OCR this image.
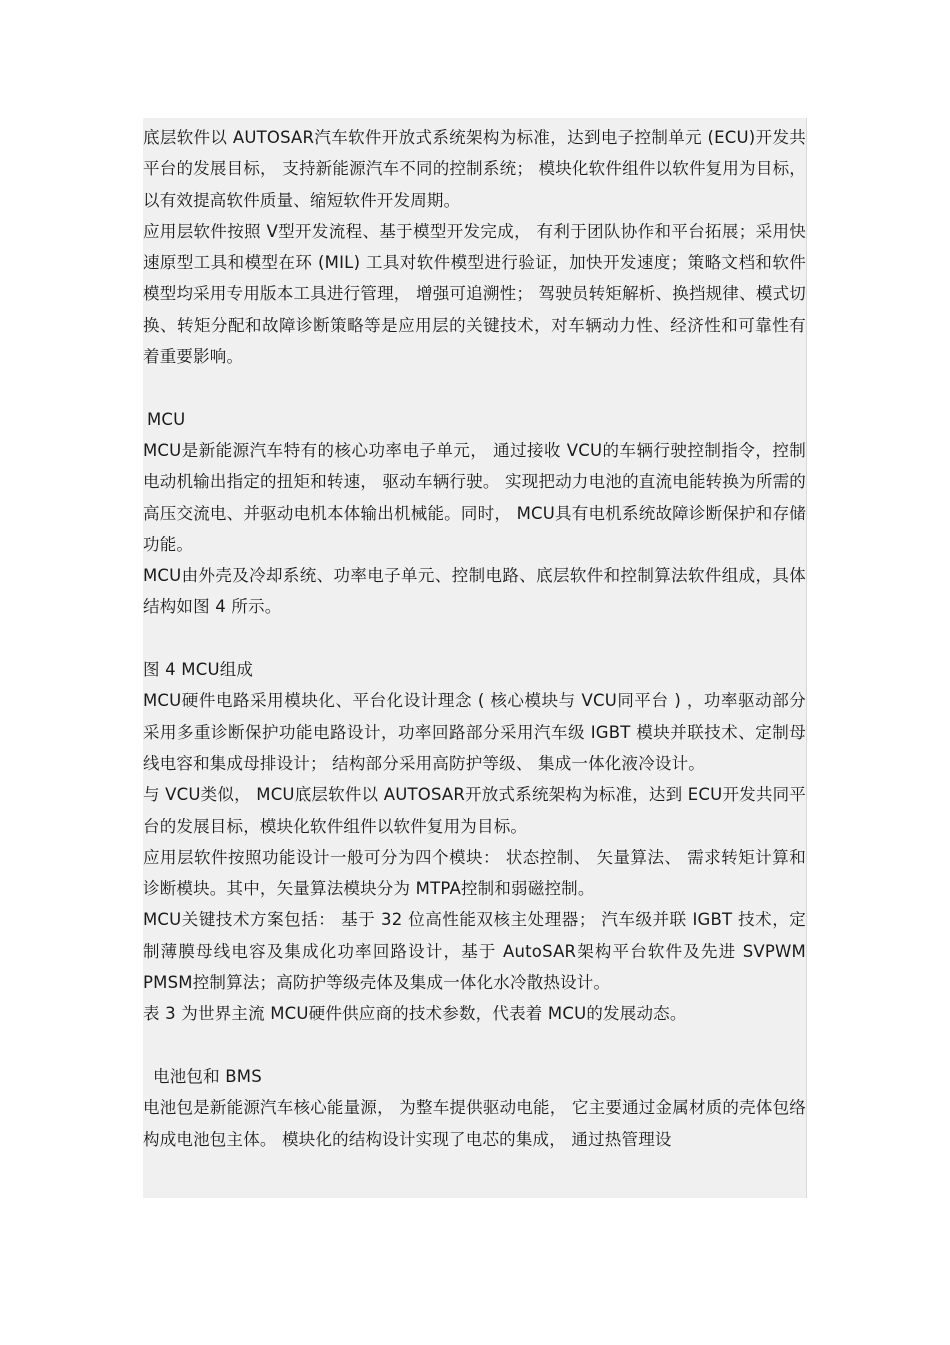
底层软件以 AUTOSAR汽车软件开放式系统架构为标准，达到电子控制单元 (ECU)开发共平台的发展目标， 支持新能源汽车不同的控制系统； 模块化软件组件以软件复用为目标，以有效提高软件质量、缩短软件开发周期。

应用层软件按照 V型开发流程、基于模型开发完成， 有利于团队协作和平台拓展；采用快速原型工具和模型在环 (MIL) 工具对软件模型进行验证，加快开发速度；策略文档和软件模型均采用专用版本工具进行管理， 增强可追溯性； 驾驶员转矩解析、换挡规律、模式切换、转矩分配和故障诊断策略等是应用层的关键技术，对车辆动力性、经济性和可靠性有着重要影响。

MCU

MCU是新能源汽车特有的核心功率电子单元， 通过接收 VCU的车辆行驶控制指令，控制电动机输出指定的扭矩和转速， 驱动车辆行驶。 实现把动力电池的直流电能转换为所需的高压交流电、并驱动电机本体输出机械能。同时， MCU具有电机系统故障诊断保护和存储功能。

MCU由外壳及冷却系统、功率电子单元、控制电路、底层软件和控制算法软件组成，具体结构如图 4 所示。

图 4 MCU组成

MCU硬件电路采用模块化、平台化设计理念 ( 核心模块与 VCU同平台 ) ，功率驱动部分采用多重诊断保护功能电路设计，功率回路部分采用汽车级 IGBT 模块并联技术、定制母线电容和集成母排设计； 结构部分采用高防护等级、 集成一体化液冷设计。

与 VCU类似， MCU底层软件以 AUTOSAR开放式系统架构为标准，达到 ECU开发共同平台的发展目标，模块化软件组件以软件复用为目标。

应用层软件按照功能设计一般可分为四个模块： 状态控制、 矢量算法、 需求转矩计算和诊断模块。其中，矢量算法模块分为 MTPA控制和弱磁控制。

MCU关键技术方案包括： 基于 32 位高性能双核主处理器； 汽车级并联 IGBT 技术，定制薄膜母线电容及集成化功率回路设计，基于 AutoSAR架构平台软件及先进 SVPWM PMSM控制算法；高防护等级壳体及集成一体化水冷散热设计。

表 3 为世界主流 MCU硬件供应商的技术参数，代表着 MCU的发展动态。

电池包和 BMS

电池包是新能源汽车核心能量源， 为整车提供驱动电能， 它主要通过金属材质的壳体包络构成电池包主体。 模块化的结构设计实现了电芯的集成， 通过热管理设
